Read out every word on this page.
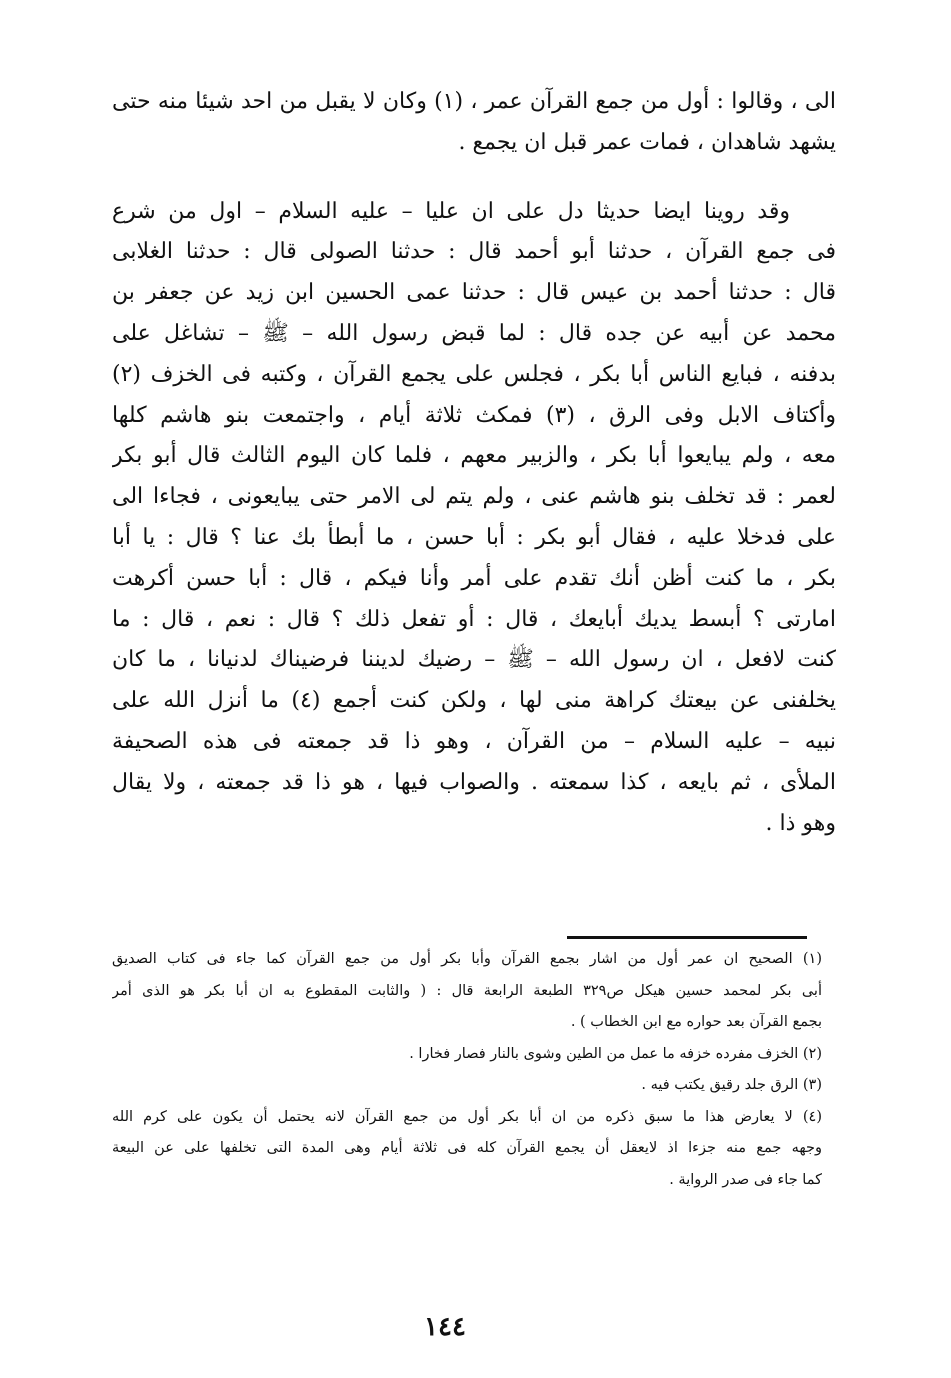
الى ، وقالوا : أول من جمع القرآن عمر ، (١) وكان لا يقبل من احد شيئا منه حتى
يشهد شاهدان ، فمات عمر قبل ان يجمع .
وقد روينا ايضا حديثا دل على ان عليا – عليه السلام – اول من شرع
فى جمع القرآن ، حدثنا أبو أحمد قال : حدثنا الصولى قال : حدثنا الغلابى
قال : حدثنا أحمد بن عيس قال : حدثنا عمى الحسين ابن زيد عن جعفر بن
محمد عن أبيه عن جده قال : لما قبض رسول الله – ﷺ – تشاغل على
بدفنه ، فبايع الناس أبا بكر ، فجلس على يجمع القرآن ، وكتبه فى الخزف (٢)
وأكتاف الابل وفى الرق ، (٣) فمكث ثلاثة أيام ، واجتمعت بنو هاشم كلها
معه ، ولم يبايعوا أبا بكر ، والزبير معهم ، فلما كان اليوم الثالث قال أبو بكر
لعمر : قد تخلف بنو هاشم عنى ، ولم يتم لى الامر حتى يبايعونى ، فجاءا الى
على فدخلا عليه ، فقال أبو بكر : أبا حسن ، ما أبطأ بك عنا ؟ قال : يا أبا
بكر ، ما كنت أظن أنك تقدم على أمر وأنا فيكم ، قال : أبا حسن أكرهت
امارتى ؟ أبسط يديك أبايعك ، قال : أو تفعل ذلك ؟ قال : نعم ، قال : ما
كنت لافعل ، ان رسول الله – ﷺ – رضيك لديننا فرضيناك لدنيانا ، ما كان
يخلفنى عن بيعتك كراهة منى لها ، ولكن كنت أجمع (٤) ما أنزل الله على
نبيه – عليه السلام – من القرآن ، وهو ذا قد جمعته فى هذه الصحيفة
الملأى ، ثم بايعه ، كذا سمعته . والصواب فيها ، هو ذا قد جمعته ، ولا يقال
وهو ذا .
(١) الصحيح ان عمر أول من اشار بجمع القرآن وأبا بكر أول من جمع القرآن كما جاء فى كتاب الصديق
أبى بكر لمحمد حسين هيكل ص٣٢٩ الطبعة الرابعة قال : ( والثابت المقطوع به ان أبا بكر هو الذى أمر
بجمع القرآن بعد حواره مع ابن الخطاب ) .
(٢) الخزف مفرده خزفه ما عمل من الطين وشوى بالنار فصار فخارا .
(٣) الرق جلد رقيق يكتب فيه .
(٤) لا يعارض هذا ما سبق ذكره من ان أبا بكر أول من جمع القرآن لانه يحتمل أن يكون على كرم الله
وجهه جمع منه جزءا اذ لايعقل أن يجمع القرآن كله فى ثلاثة أيام وهى المدة التى تخلفها على عن البيعة
كما جاء فى صدر الرواية .
١٤٤
